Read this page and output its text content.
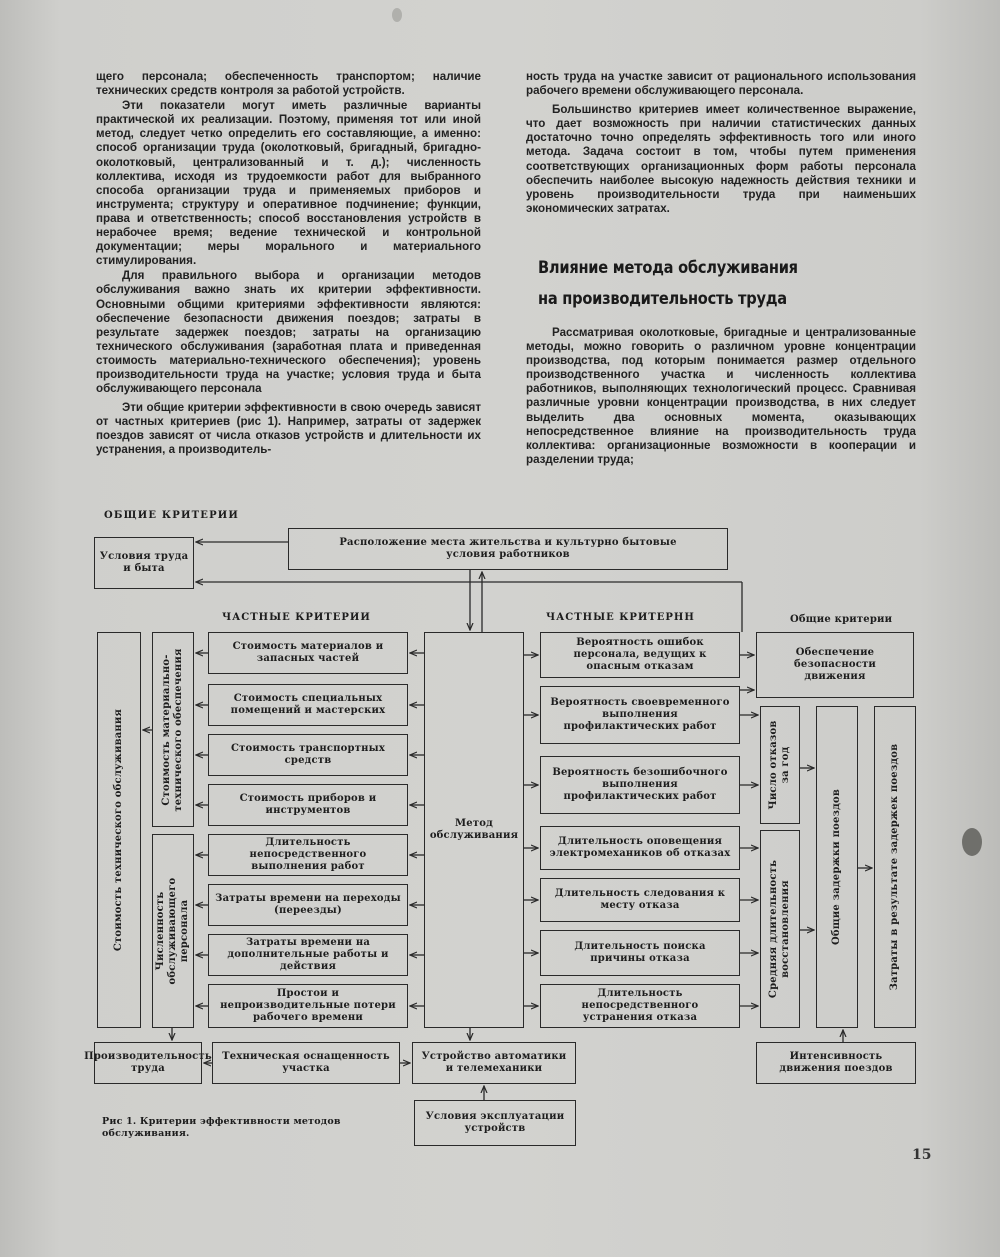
щего персонала; обеспеченность транспортом; наличие технических средств контроля за работой устройств.

Эти показатели могут иметь различные варианты практической их реализации. Поэтому, применяя тот или иной метод, следует четко определить его составляющие, а именно: способ организации труда (околотковый, бригадный, бригадно-околотковый, централизованный и т. д.); численность коллектива, исходя из трудоемкости работ для выбранного способа организации труда и применяемых приборов и инструмента; структуру и оперативное подчинение; функции, права и ответственность; способ восстановления устройств в нерабочее время; ведение технической и контрольной документации; меры морального и материального стимулирования.

Для правильного выбора и организации методов обслуживания важно знать их критерии эффективности. Основными общими критериями эффективности являются: обеспечение безопасности движения поездов; затраты в результате задержек поездов; затраты на организацию технического обслуживания (заработная плата и приведенная стоимость материально-технического обеспечения); уровень производительности труда на участке; условия труда и быта обслуживающего персонала

Эти общие критерии эффективности в свою очередь зависят от частных критериев (рис 1). Например, затраты от задержек поездов зависят от числа отказов устройств и длительности их устранения, а производитель-

ность труда на участке зависит от рационального использования рабочего времени обслуживающего персонала.

Большинство критериев имеет количественное выражение, что дает возможность при наличии статистических данных достаточно точно определять эффективность того или иного метода. Задача состоит в том, чтобы путем применения соответствующих организационных форм работы персонала обеспечить наиболее высокую надежность действия техники и уровень производительности труда при наименьших экономических затратах.

Влияние метода обслуживания
на производительность труда

Рассматривая околотковые, бригадные и централизованные методы, можно говорить о различном уровне концентрации производства, под которым понимается размер отдельного производственного участка и численность коллектива работников, выполняющих технологический процесс. Сравнивая различные уровни концентрации производства, в них следует выделить два основных момента, оказывающих непосредственное влияние на производительность труда коллектива: организационные возможности в кооперации и разделении труда;

ОБЩИЕ КРИТЕРИИ
ЧАСТНЫЕ КРИТЕРИИ	ЧАСТНЫЕ КРИТЕРНН	Общие критерии
Условия труда и быта
Расположение места жительства и культурно бытовые условия работников
Стоимость технического обслуживания	Стоимость материально-технического обеспечения
Численность обслуживающего персонала
Стоимость материалов и запасных частей
Стоимость специальных помещений и мастерских
Стоимость транспортных средств
Стоимость приборов и инструментов
Длительность непосредственного выполнения работ
Затраты времени на переходы (переезды)
Затраты времени на дополнительные работы и действия
Простои и непроизводительные потери рабочего времени
Метод обслуживания
Вероятность ошибок персонала, ведущих к опасным отказам
Вероятность своевременного выполнения профилактических работ
Вероятность безошибочного выполнения профилактических работ
Длительность оповещения электромехаников об отказах
Длительность следования к месту отказа
Длительность поиска причины отказа
Длительность непосредственного устранения отказа
Обеспечение безопасности движения
Число отказов за год
Средняя длительность восстановления	Общие задержки поездов	Затраты в результате задержек поездов
Производительность труда
Техническая оснащенность участка
Устройство автоматики и телемеханики
Условия эксплуатации устройств
Интенсивность движения поездов
Рис 1. Критерии эффективности методов обслуживания.
15
